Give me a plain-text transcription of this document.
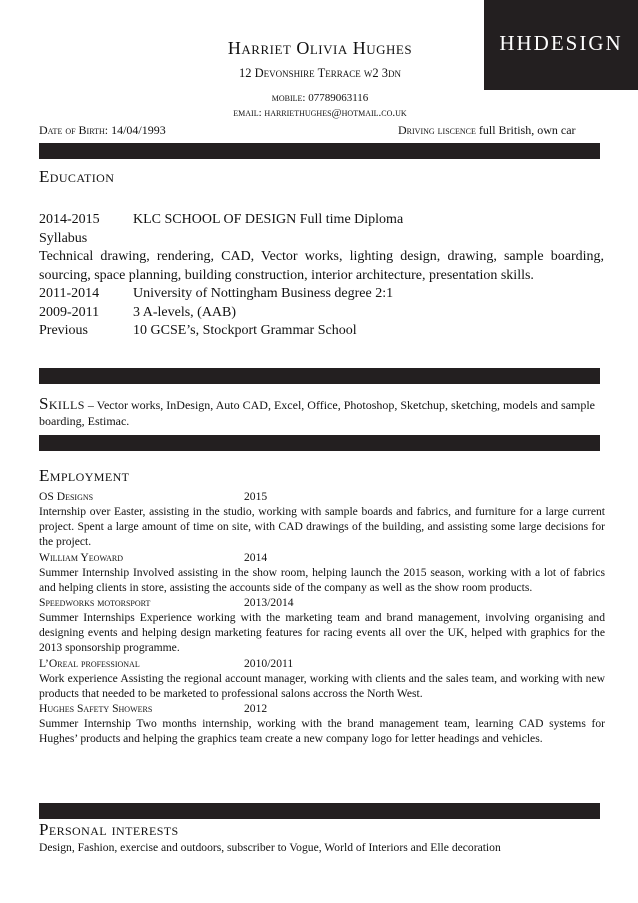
HHDESIGN
Harriet Olivia Hughes
12 Devonshire Terrace w2 3dn
mobile: 07789063116
email: harriethughes@hotmail.co.uk
Date of Birth: 14/04/1993	Driving liscence full British, own car
Education
2014-2015	KLC SCHOOL OF DESIGN Full time Diploma
Syllabus
Technical drawing, rendering, CAD, Vector works, lighting design, drawing, sample boarding, sourcing, space planning, building construction, interior architecture, presentation skills.
2011-2014	University of Nottingham Business degree 2:1
2009-2011	3 A-levels, (AAB)
Previous	10 GCSE’s, Stockport Grammar School
Skills – Vector works, InDesign, Auto CAD, Excel, Office, Photoshop, Sketchup, sketching, models and sample boarding, Estimac.
Employment
OS Designs	2015
Internship over Easter, assisting in the studio, working with sample boards and fabrics, and furniture for a large current project. Spent a large amount of time on site, with CAD drawings of the building, and assisting some large decisions for the project.
William Yeoward	2014
Summer Internship Involved assisting in the show room, helping launch the 2015 season, working with a lot of fabrics and helping clients in store, assisting the accounts side of the company as well as the show room products.
Speedworks motorsport	2013/2014
Summer Internships Experience working with the marketing team and brand management, involving organising and designing events and helping design marketing features for racing events all over the UK, helped with graphics for the 2013 sponsorship programme.
L’Oreal professional	2010/2011
Work experience Assisting the regional account manager, working with clients and the sales team, and working with new products that needed to be marketed to professional salons accross the North West.
Hughes Safety Showers	2012
Summer Internship Two months internship, working with the brand management team, learning CAD systems for Hughes’ products and helping the graphics team create a new company logo for letter headings and vehicles.
Personal interests
Design, Fashion, exercise and outdoors, subscriber to Vogue, World of Interiors and Elle decoration
